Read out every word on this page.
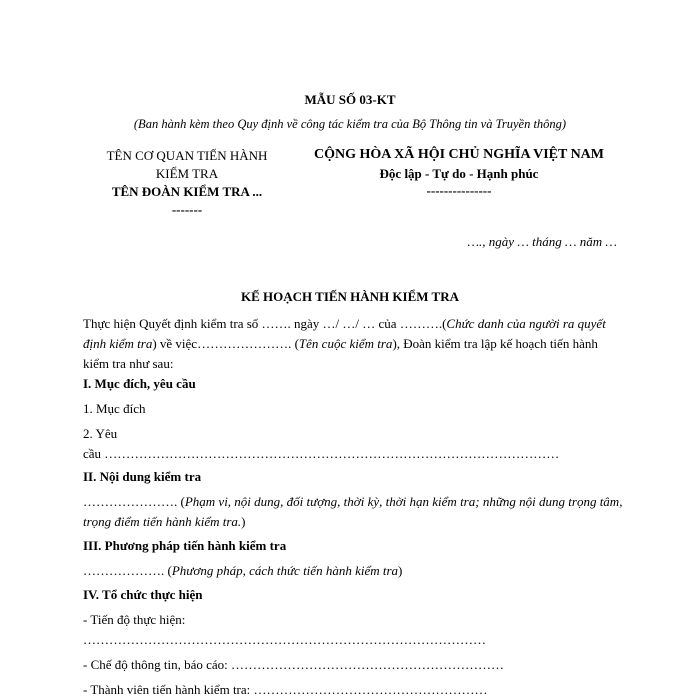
MẪU SỐ 03-KT
(Ban hành kèm theo Quy định về công tác kiểm tra của Bộ Thông tin và Truyền thông)
TÊN CƠ QUAN TIẾN HÀNH
KIỂM TRA
TÊN ĐOÀN KIỂM TRA ...
-------
CỘNG HÒA XÃ HỘI CHỦ NGHĨA VIỆT NAM
Độc lập - Tự do - Hạnh phúc
---------------
…., ngày … tháng … năm …
KẾ HOẠCH TIẾN HÀNH KIỂM TRA
Thực hiện Quyết định kiểm tra số ……. ngày …/ …/ … của ……….(Chức danh của người ra quyết định kiểm tra) về việc…………………. (Tên cuộc kiểm tra), Đoàn kiểm tra lập kế hoạch tiến hành kiểm tra như sau:
I. Mục đích, yêu cầu
1. Mục đích
2. Yêu
cầu ……………………………………………………………………………………………
II. Nội dung kiểm tra
…………………. (Phạm vi, nội dung, đối tượng, thời kỳ, thời hạn kiểm tra; những nội dung trọng tâm, trọng điểm tiến hành kiểm tra.)
III. Phương pháp tiến hành kiểm tra
………………. (Phương pháp, cách thức tiến hành kiểm tra)
IV. Tổ chức thực hiện
- Tiến độ thực hiện:
…………………………………………………………………………………
- Chế độ thông tin, báo cáo: ………………………………………………………
- Thành viên tiến hành kiểm tra: ………………………………………………
